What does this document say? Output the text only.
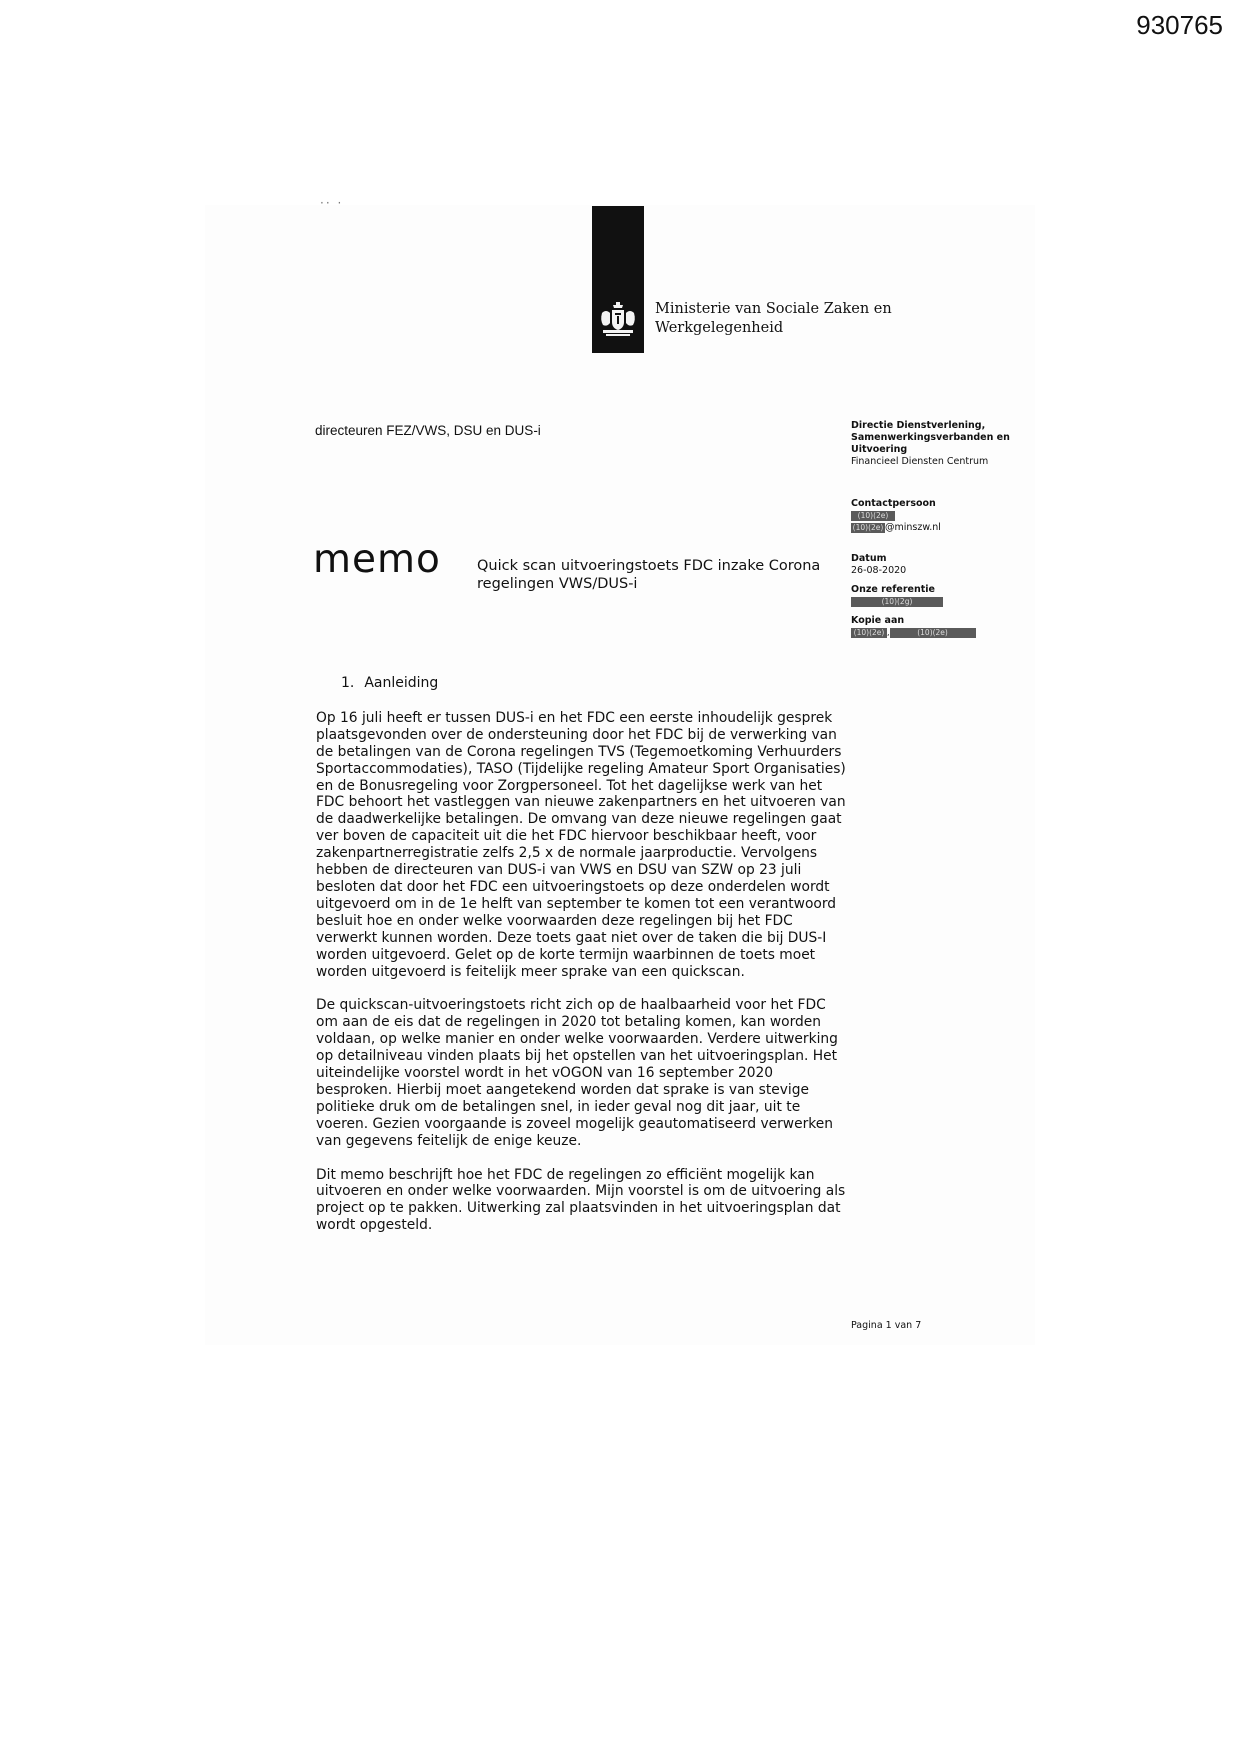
930765
·· ·
Ministerie van Sociale Zaken en
Werkgelegenheid
directeuren FEZ/VWS, DSU en DUS-i
memo Quick scan uitvoeringstoets FDC inzake Corona
regelingen VWS/DUS-i
Directie Dienstverlening,
Samenwerkingsverbanden en
Uitvoering
Financieel Diensten Centrum
Contactpersoon
(10)(2e)
(10)(2e) @minszw.nl
Datum
26-08-2020
Onze referentie
(10)(2g)
Kopie aan
(10)(2e) ,	(10)(2e)
1. Aanleiding

Op 16 juli heeft er tussen DUS-i en het FDC een eerste inhoudelijk gesprek plaatsgevonden over de ondersteuning door het FDC bij de verwerking van de betalingen van de Corona regelingen TVS (Tegemoetkoming Verhuurders Sportaccommodaties), TASO (Tijdelijke regeling Amateur Sport Organisaties) en de Bonusregeling voor Zorgpersoneel. Tot het dagelijkse werk van het FDC behoort het vastleggen van nieuwe zakenpartners en het uitvoeren van de daadwerkelijke betalingen. De omvang van deze nieuwe regelingen gaat ver boven de capaciteit uit die het FDC hiervoor beschikbaar heeft, voor zakenpartnerregistratie zelfs 2,5 x de normale jaarproductie. Vervolgens hebben de directeuren van DUS-i van VWS en DSU van SZW op 23 juli besloten dat door het FDC een uitvoeringstoets op deze onderdelen wordt uitgevoerd om in de 1e helft van september te komen tot een verantwoord besluit hoe en onder welke voorwaarden deze regelingen bij het FDC verwerkt kunnen worden. Deze toets gaat niet over de taken die bij DUS-I worden uitgevoerd. Gelet op de korte termijn waarbinnen de toets moet worden uitgevoerd is feitelijk meer sprake van een quickscan.

De quickscan-uitvoeringstoets richt zich op de haalbaarheid voor het FDC om aan de eis dat de regelingen in 2020 tot betaling komen, kan worden voldaan, op welke manier en onder welke voorwaarden. Verdere uitwerking op detailniveau vinden plaats bij het opstellen van het uitvoeringsplan. Het uiteindelijke voorstel wordt in het vOGON van 16 september 2020 besproken. Hierbij moet aangetekend worden dat sprake is van stevige politieke druk om de betalingen snel, in ieder geval nog dit jaar, uit te voeren. Gezien voorgaande is zoveel mogelijk geautomatiseerd verwerken van gegevens feitelijk de enige keuze.

Dit memo beschrijft hoe het FDC de regelingen zo efficiënt mogelijk kan uitvoeren en onder welke voorwaarden. Mijn voorstel is om de uitvoering als project op te pakken. Uitwerking zal plaatsvinden in het uitvoeringsplan dat wordt opgesteld.

Pagina 1 van 7
